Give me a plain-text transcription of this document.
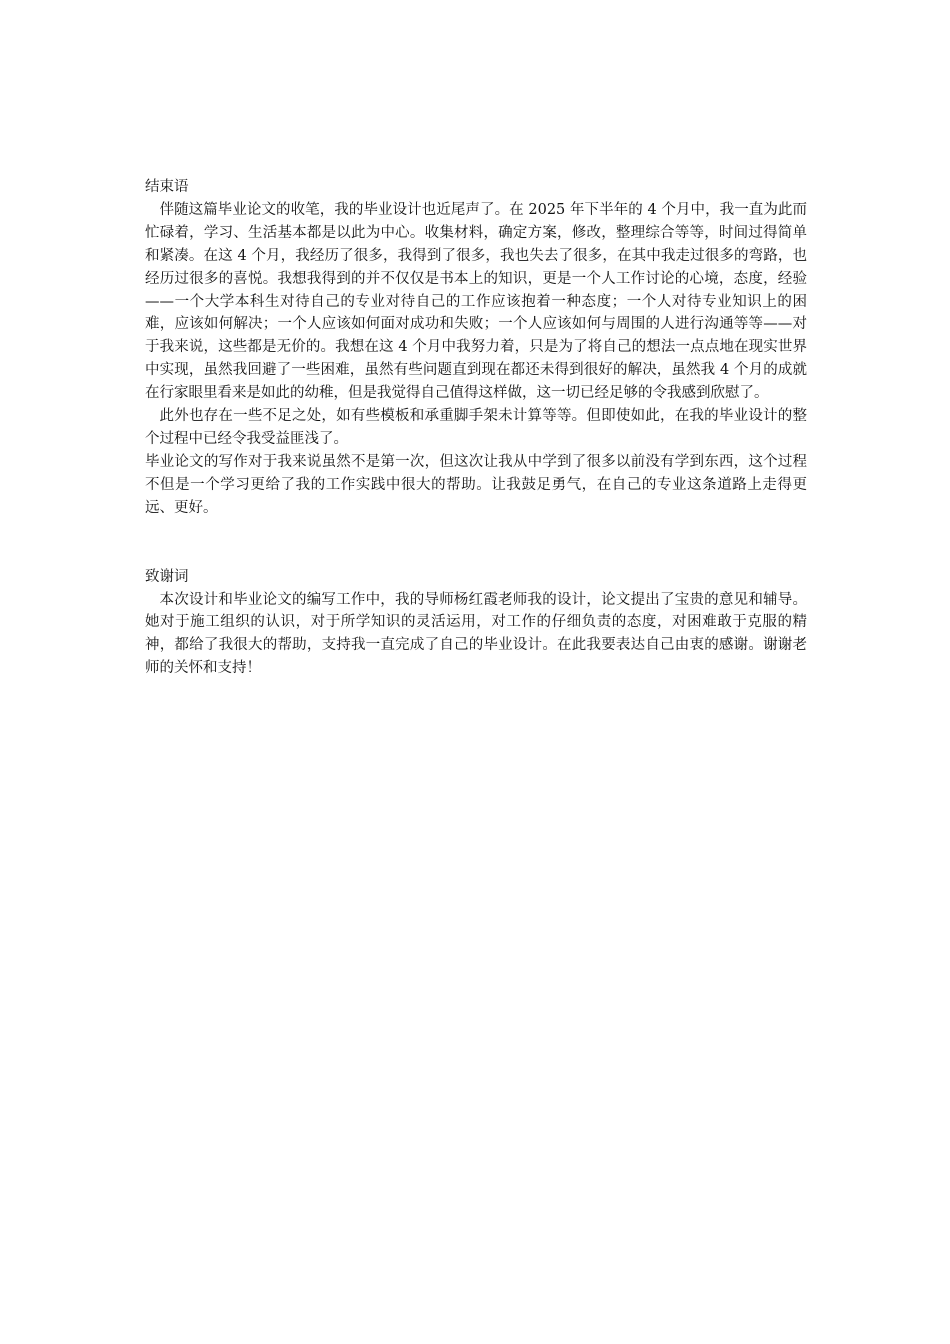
结束语

伴随这篇毕业论文的收笔，我的毕业设计也近尾声了。在 2025 年下半年的 4 个月中，我一直为此而忙碌着，学习、生活基本都是以此为中心。收集材料，确定方案，修改，整理综合等等，时间过得简单和紧凑。在这 4 个月，我经历了很多，我得到了很多，我也失去了很多，在其中我走过很多的弯路，也经历过很多的喜悦。我想我得到的并不仅仅是书本上的知识，更是一个人工作讨论的心境，态度，经验——一个大学本科生对待自己的专业对待自己的工作应该抱着一种态度；一个人对待专业知识上的困难，应该如何解决；一个人应该如何面对成功和失败；一个人应该如何与周围的人进行沟通等等——对于我来说，这些都是无价的。我想在这 4 个月中我努力着，只是为了将自己的想法一点点地在现实世界中实现，虽然我回避了一些困难，虽然有些问题直到现在都还未得到很好的解决，虽然我 4 个月的成就在行家眼里看来是如此的幼稚，但是我觉得自己值得这样做，这一切已经足够的令我感到欣慰了。

此外也存在一些不足之处，如有些模板和承重脚手架未计算等等。但即使如此，在我的毕业设计的整个过程中已经令我受益匪浅了。

毕业论文的写作对于我来说虽然不是第一次，但这次让我从中学到了很多以前没有学到东西，这个过程不但是一个学习更给了我的工作实践中很大的帮助。让我鼓足勇气，在自己的专业这条道路上走得更远、更好。

致谢词

本次设计和毕业论文的编写工作中，我的导师杨红霞老师我的设计，论文提出了宝贵的意见和辅导。她对于施工组织的认识，对于所学知识的灵活运用，对工作的仔细负责的态度，对困难敢于克服的精神，都给了我很大的帮助，支持我一直完成了自己的毕业设计。在此我要表达自己由衷的感谢。谢谢老师的关怀和支持！
